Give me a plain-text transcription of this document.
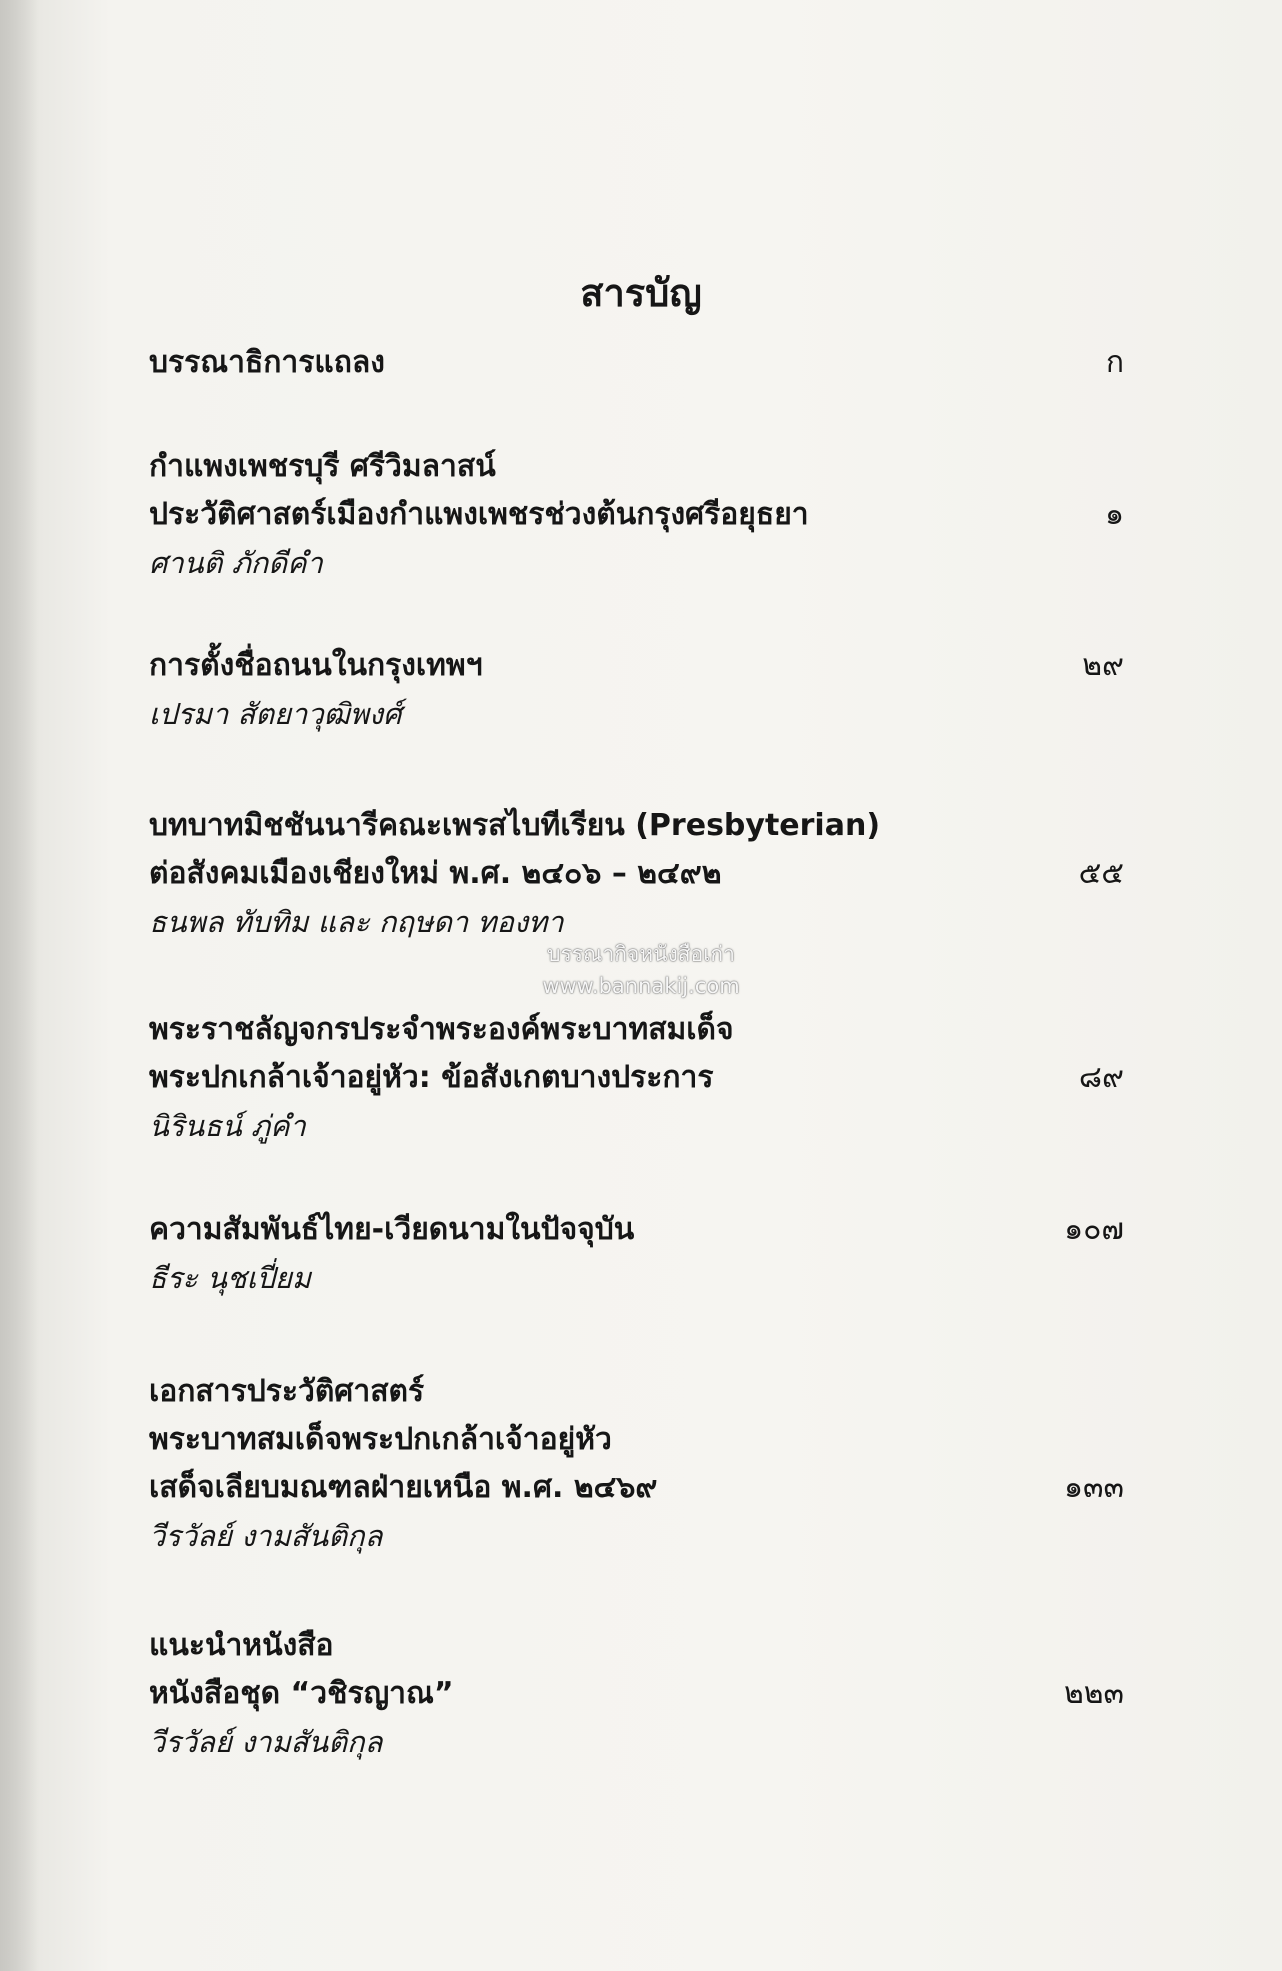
สารบัญ
บรรณาธิการแถลง	ก
กำแพงเพชรบุรี ศรีวิมลาสน์
ประวัติศาสตร์เมืองกำแพงเพชรช่วงต้นกรุงศรีอยุธยา	๑
ศานติ ภักดีคำ
การตั้งชื่อถนนในกรุงเทพฯ	๒๙
เปรมา สัตยาวุฒิพงศ์
บทบาทมิชชันนารีคณะเพรสไบทีเรียน (Presbyterian)
ต่อสังคมเมืองเชียงใหม่ พ.ศ. ๒๔๐๖ – ๒๔๙๒	๕๕
ธนพล ทับทิม และ กฤษดา ทองทา
พระราชลัญจกรประจำพระองค์พระบาทสมเด็จ
พระปกเกล้าเจ้าอยู่หัว: ข้อสังเกตบางประการ	๘๙
นิรินธน์ ภู่คำ
ความสัมพันธ์ไทย-เวียดนามในปัจจุบัน	๑๐๗
ธีระ นุชเปี่ยม
เอกสารประวัติศาสตร์
พระบาทสมเด็จพระปกเกล้าเจ้าอยู่หัว
เสด็จเลียบมณฑลฝ่ายเหนือ พ.ศ. ๒๔๖๙	๑๓๓
วีรวัลย์ งามสันติกุล
แนะนำหนังสือ
หนังสือชุด “วชิรญาณ”	๒๒๓
วีรวัลย์ งามสันติกุล
บรรณากิจหนังสือเก่า
www.bannakij.com
